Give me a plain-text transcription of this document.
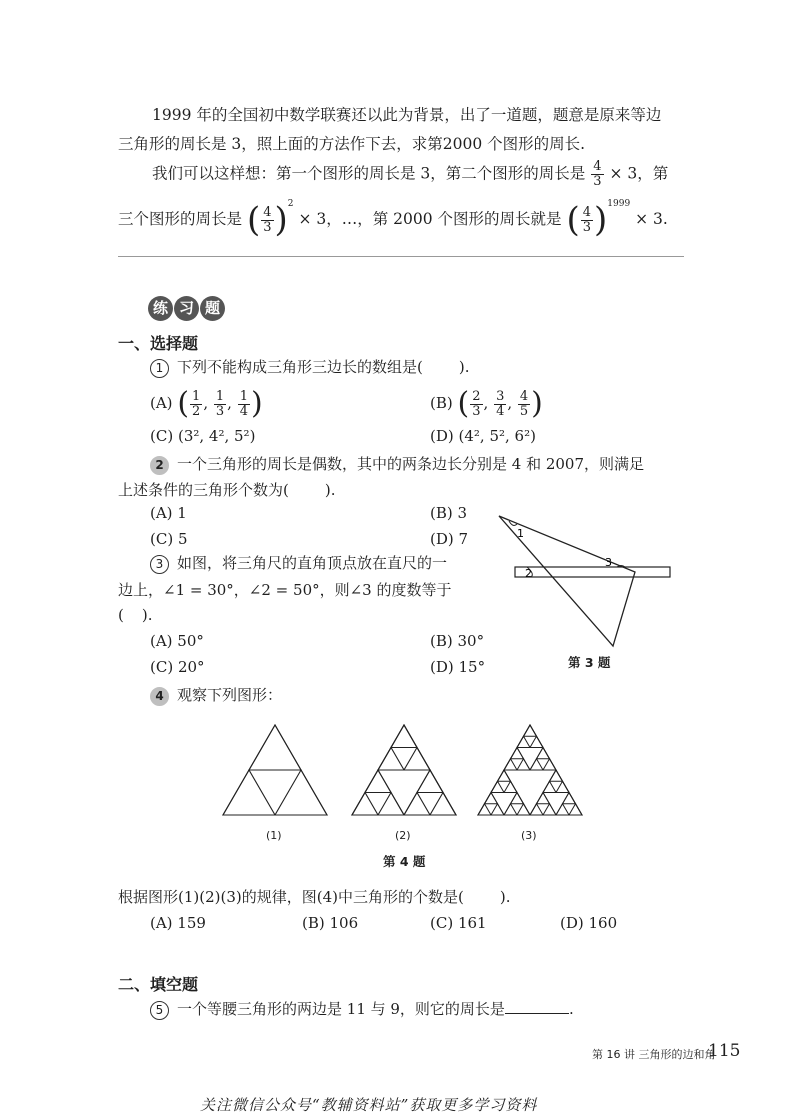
1999 年的全国初中数学联赛还以此为背景，出了一道题，题意是原来等边
三角形的周长是 3，照上面的方法作下去，求第2000 个图形的周长.
我们可以这样想：第一个图形的周长是 3，第二个图形的周长是 $\frac{4}{3} \times 3$，第
三个图形的周长是 ( $\frac{4}{3} )^2 \times 3$，…，第 2000 个图形的周长就是 ( $\frac{4}{3} )^{1999} \times 3$.
练 习 题
一、选择题
1 下列不能构成三角形三边长的数组是( ).
(A) ( $\frac{1}{2}$ , $\frac{1}{3}$ , $\frac{1}{4}$ )	(B) ( $\frac{2}{3}$ , $\frac{3}{4}$ , $\frac{4}{5}$ )
(C) (3², 4², 5²)	(D) (4², 5², 6²)
2 一个三角形的周长是偶数，其中的两条边长分别是 4 和 2007，则满足
上述条件的三角形个数为( ).
(A) 1	(B) 3
(C) 5	(D) 7
3 如图，将三角尺的直角顶点放在直尺的一
边上，∠1 = 30°，∠2 = 50°，则∠3 的度数等于
( ).
(A) 50°	(B) 30°
(C) 20°	(D) 15°
1
2
3
第 3 题
4 观察下列图形：
(1)	(2)	(3)
第 4 题
根据图形(1)(2)(3)的规律，图(4)中三角形的个数是( ).
(A) 159	(B) 106	(C) 161	(D) 160
二、填空题
5 一个等腰三角形的两边是 11 与 9，则它的周长是	.
第 16 讲 三角形的边和角
115
关注微信公众号“教辅资料站”获取更多学习资料
